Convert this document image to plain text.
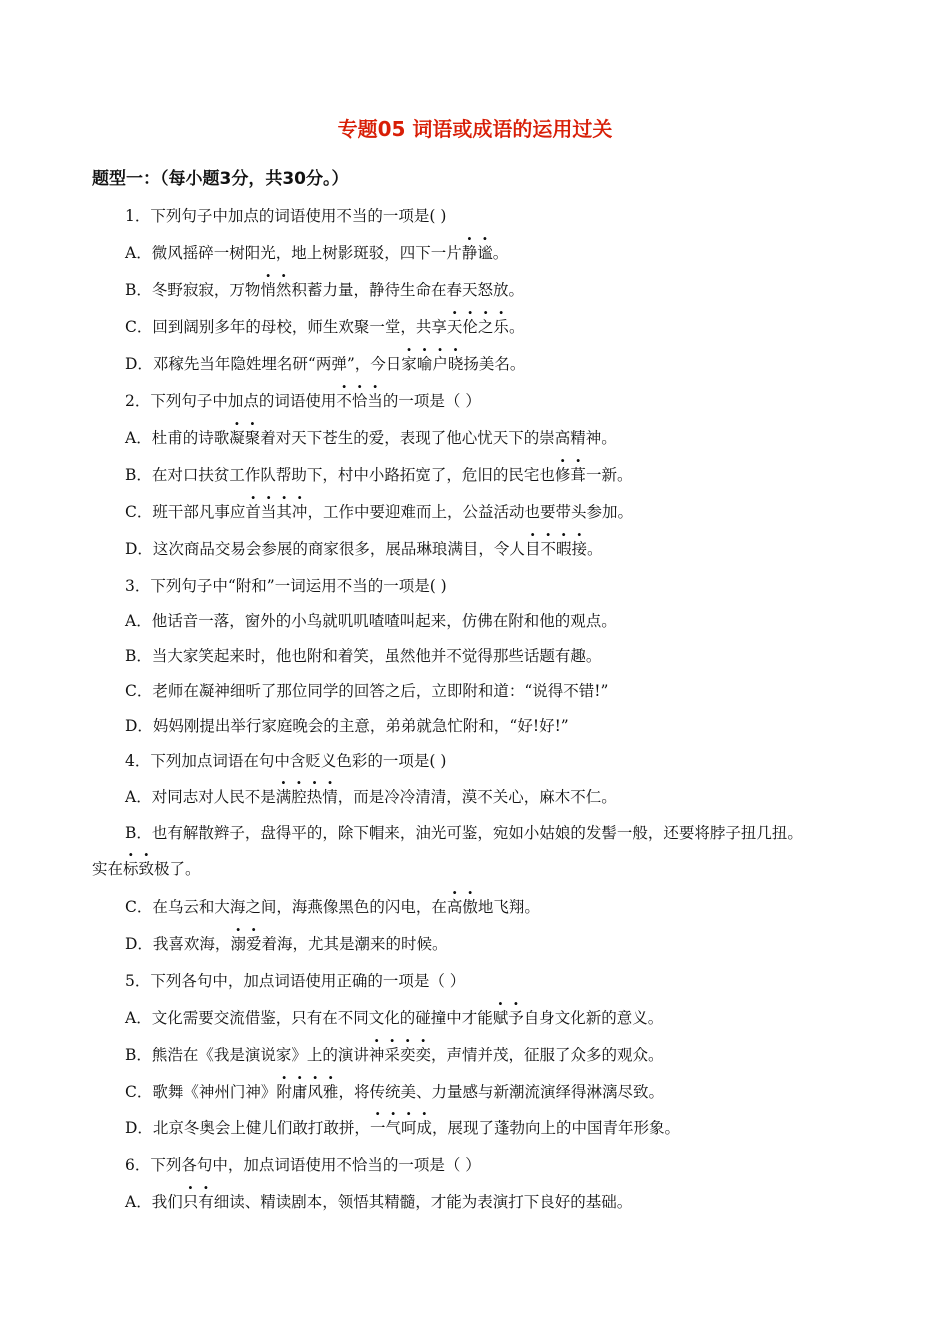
专题05 词语或成语的运用过关
题型一：（每小题3分，共30分。）
1．下列句子中加点的词语使用不当的一项是( )
A．微风摇碎一树阳光，地上树影斑驳，四下一片静谧。
B．冬野寂寂，万物悄然积蓄力量，静待生命在春天怒放。
C．回到阔别多年的母校，师生欢聚一堂，共享天伦之乐。
D．邓稼先当年隐姓埋名研“两弹”，今日家喻户晓扬美名。
2．下列句子中加点的词语使用不恰当的一项是（ ）
A．杜甫的诗歌凝聚着对天下苍生的爱，表现了他心忧天下的崇高精神。
B．在对口扶贫工作队帮助下，村中小路拓宽了，危旧的民宅也修葺一新。
C．班干部凡事应首当其冲，工作中要迎难而上，公益活动也要带头参加。
D．这次商品交易会参展的商家很多，展品琳琅满目，令人目不暇接。
3．下列句子中“附和”一词运用不当的一项是( )
A．他话音一落，窗外的小鸟就叽叽喳喳叫起来，仿佛在附和他的观点。
B．当大家笑起来时，他也附和着笑，虽然他并不觉得那些话题有趣。
C．老师在凝神细听了那位同学的回答之后，立即附和道：“说得不错!”
D．妈妈刚提出举行家庭晚会的主意，弟弟就急忙附和，“好!好!”
4．下列加点词语在句中含贬义色彩的一项是( )
A．对同志对人民不是满腔热情，而是冷冷清清，漠不关心，麻木不仁。
B．也有解散辫子，盘得平的，除下帽来，油光可鉴，宛如小姑娘的发髻一般，还要将脖子扭几扭。
实在标致极了。
C．在乌云和大海之间，海燕像黑色的闪电，在高傲地飞翔。
D．我喜欢海，溺爱着海，尤其是潮来的时候。
5．下列各句中，加点词语使用正确的一项是（ ）
A．文化需要交流借鉴，只有在不同文化的碰撞中才能赋予自身文化新的意义。
B．熊浩在《我是演说家》上的演讲神采奕奕，声情并茂，征服了众多的观众。
C．歌舞《神州门神》附庸风雅，将传统美、力量感与新潮流演绎得淋漓尽致。
D．北京冬奥会上健儿们敢打敢拼，一气呵成，展现了蓬勃向上的中国青年形象。
6．下列各句中，加点词语使用不恰当的一项是（ ）
A．我们只有细读、精读剧本，领悟其精髓，才能为表演打下良好的基础。
